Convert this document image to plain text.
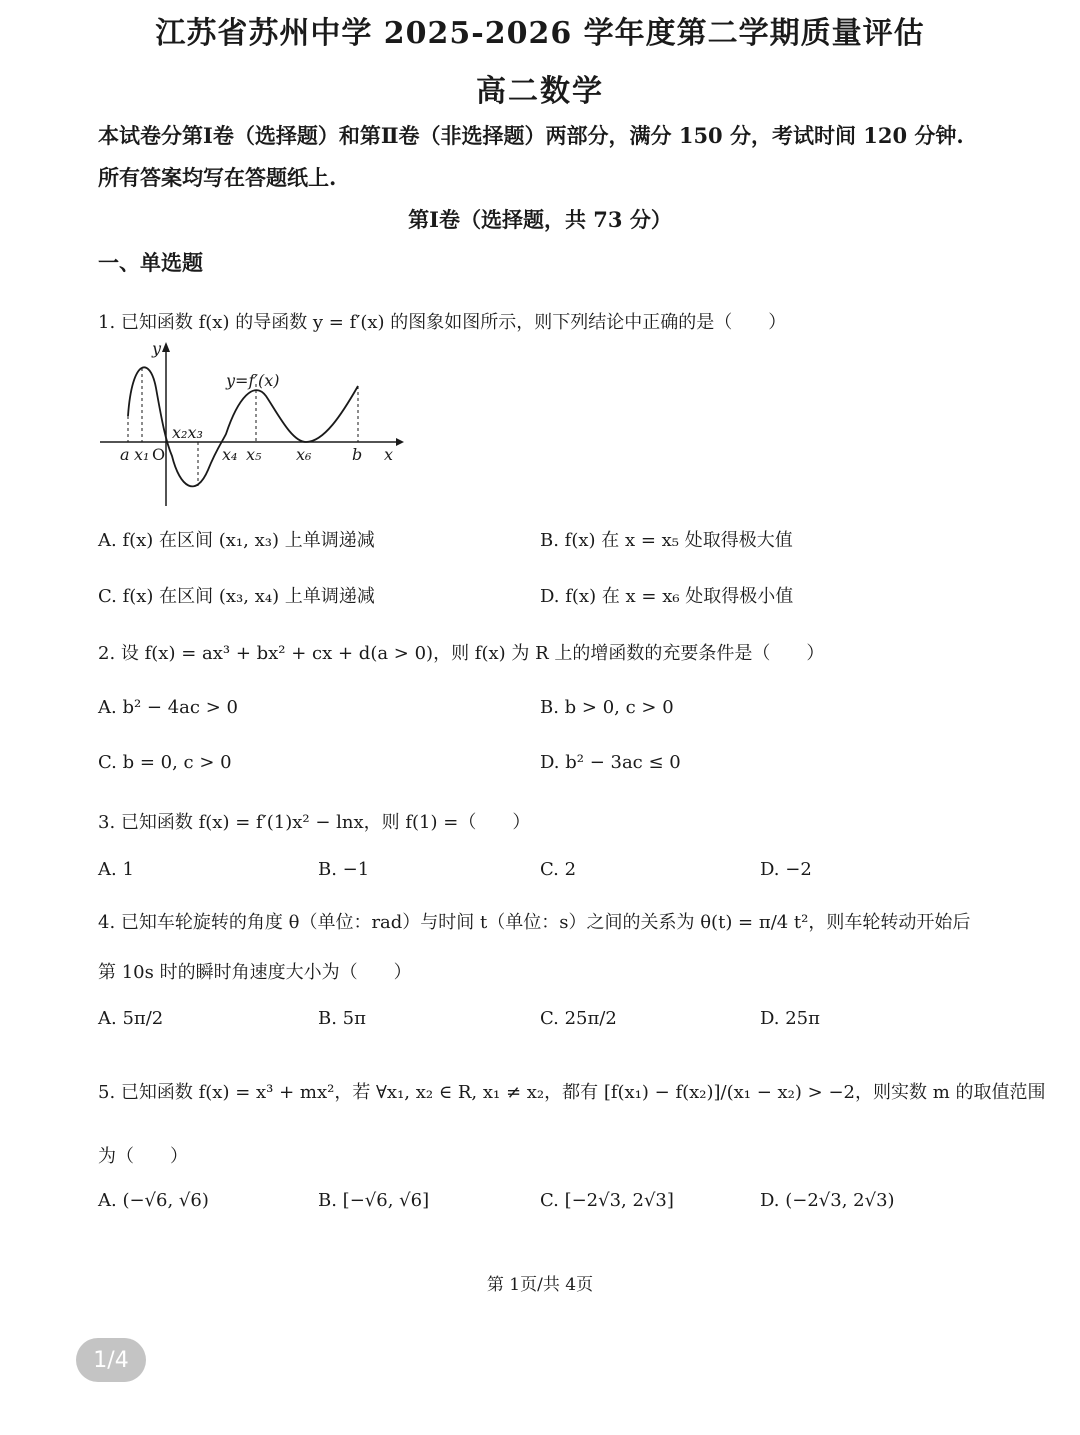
江苏省苏州中学 2025-2026 学年度第二学期质量评估
高二数学
本试卷分第Ⅰ卷（选择题）和第Ⅱ卷（非选择题）两部分，满分 150 分，考试时间 120 分钟.
所有答案均写在答题纸上.
第Ⅰ卷（选择题，共 73 分）
一、单选题
1. 已知函数 f(x) 的导函数 y = f′(x) 的图象如图所示，则下列结论中正确的是（　　）
y
x
y=f′(x)
a x₁ O
x₂x₃
x₄ x₅ x₆	b
A. f(x) 在区间 (x₁, x₃) 上单调递减	B. f(x) 在 x = x₅ 处取得极大值
C. f(x) 在区间 (x₃, x₄) 上单调递减	D. f(x) 在 x = x₆ 处取得极小值
2. 设 f(x) = ax³ + bx² + cx + d(a > 0)，则 f(x) 为 R 上的增函数的充要条件是（　　）
A. b² − 4ac > 0	B. b > 0, c > 0
C. b = 0, c > 0	D. b² − 3ac ≤ 0
3. 已知函数 f(x) = f′(1)x² − lnx，则 f(1) =（　　）
A. 1	B. −1	C. 2	D. −2
4. 已知车轮旋转的角度 θ（单位：rad）与时间 t（单位：s）之间的关系为 θ(t) = π/4 t²，则车轮转动开始后
第 10s 时的瞬时角速度大小为（　　）
A. 5π/2	B. 5π	C. 25π/2	D. 25π
5. 已知函数 f(x) = x³ + mx²，若 ∀x₁, x₂ ∈ R, x₁ ≠ x₂，都有 [f(x₁) − f(x₂)]/(x₁ − x₂) > −2，则实数 m 的取值范围
为（　　）
A. (−√6, √6)	B. [−√6, √6]	C. [−2√3, 2√3]	D. (−2√3, 2√3)
第 1页/共 4页
1/4
